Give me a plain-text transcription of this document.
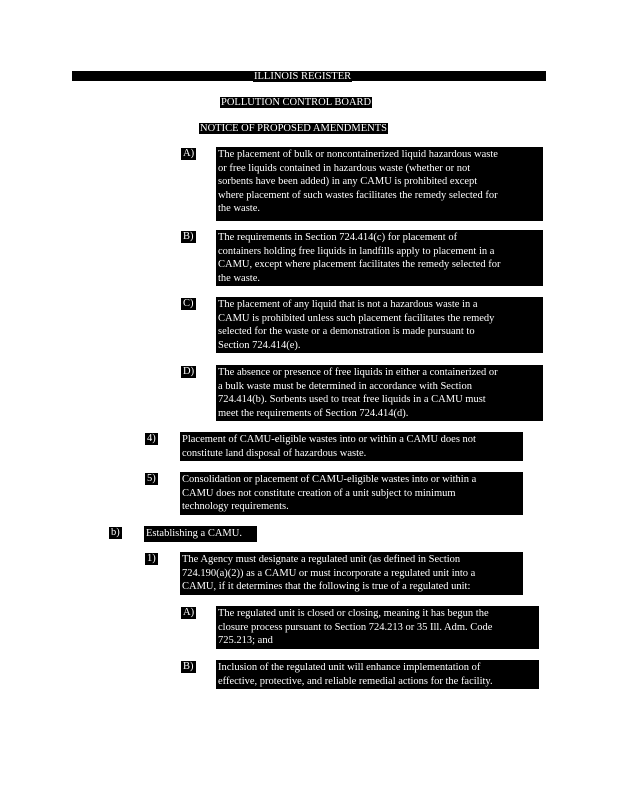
ILLINOIS REGISTER
POLLUTION CONTROL BOARD
NOTICE OF PROPOSED AMENDMENTS
A) The placement of bulk or noncontainerized liquid hazardous waste
or free liquids contained in hazardous waste (whether or not
sorbents have been added) in any CAMU is prohibited except
where placement of such wastes facilitates the remedy selected for
the waste.
B) The requirements in Section 724.414(c) for placement of
containers holding free liquids in landfills apply to placement in a
CAMU, except where placement facilitates the remedy selected for
the waste.
C) The placement of any liquid that is not a hazardous waste in a
CAMU is prohibited unless such placement facilitates the remedy
selected for the waste or a demonstration is made pursuant to
Section 724.414(e).
D) The absence or presence of free liquids in either a containerized or
a bulk waste must be determined in accordance with Section
724.414(b). Sorbents used to treat free liquids in a CAMU must
meet the requirements of Section 724.414(d).
4)	Placement of CAMU-eligible wastes into or within a CAMU does not
constitute land disposal of hazardous waste.
5)	Consolidation or placement of CAMU-eligible wastes into or within a
CAMU does not constitute creation of a unit subject to minimum
technology requirements.
b)	Establishing a CAMU.
1)	The Agency must designate a regulated unit (as defined in Section
724.190(a)(2)) as a CAMU or must incorporate a regulated unit into a
CAMU, if it determines that the following is true of a regulated unit:
A) The regulated unit is closed or closing, meaning it has begun the
closure process pursuant to Section 724.213 or 35 Ill. Adm. Code
725.213; and
B) Inclusion of the regulated unit will enhance implementation of
effective, protective, and reliable remedial actions for the facility.
